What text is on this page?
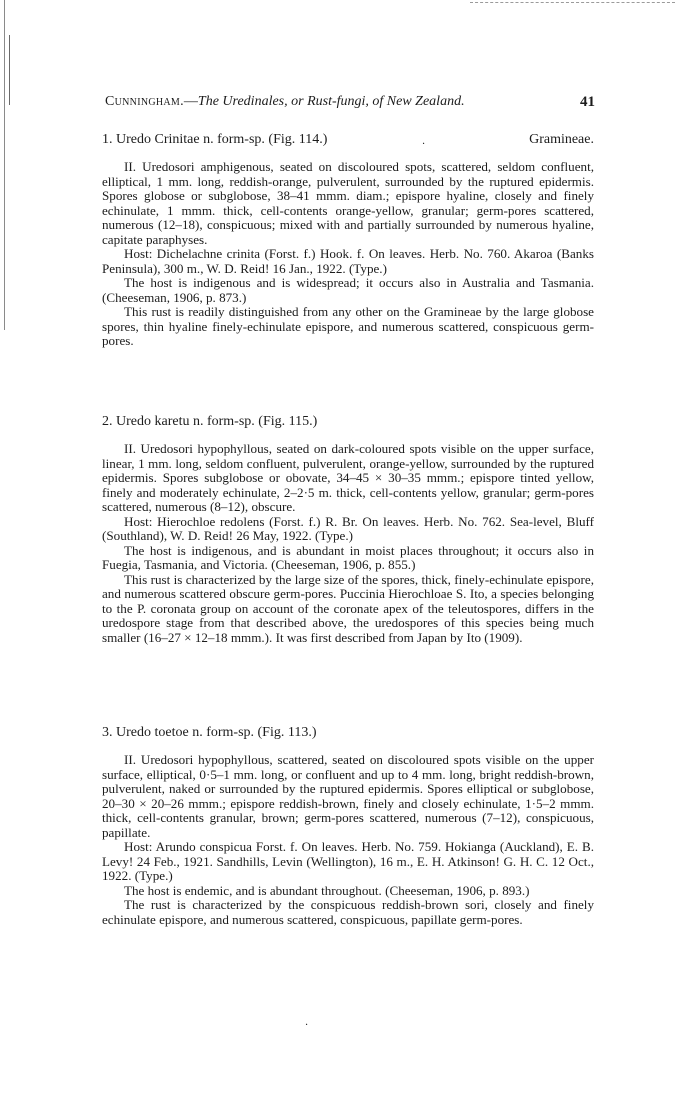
Cunningham.—The Uredinales, or Rust-fungi, of New Zealand.	41
1. Uredo Crinitae n. form-sp. (Fig. 114.)	Gramineae.

II. Uredosori amphigenous, seated on discoloured spots, scattered, seldom confluent, elliptical, 1 mm. long, reddish-orange, pulverulent, surrounded by the ruptured epidermis. Spores globose or subglobose, 38–41 mmm. diam.; epispore hyaline, closely and finely echinulate, 1 mmm. thick, cell-contents orange-yellow, granular; germ-pores scattered, numerous (12–18), conspicuous; mixed with and partially surrounded by numerous hyaline, capitate paraphyses.

Host: Dichelachne crinita (Forst. f.) Hook. f. On leaves. Herb. No. 760. Akaroa (Banks Peninsula), 300 m., W. D. Reid! 16 Jan., 1922. (Type.)

The host is indigenous and is widespread; it occurs also in Australia and Tasmania. (Cheeseman, 1906, p. 873.)

This rust is readily distinguished from any other on the Gramineae by the large globose spores, thin hyaline finely-echinulate epispore, and numerous scattered, conspicuous germ-pores.

2. Uredo karetu n. form-sp. (Fig. 115.)

II. Uredosori hypophyllous, seated on dark-coloured spots visible on the upper surface, linear, 1 mm. long, seldom confluent, pulverulent, orange-yellow, surrounded by the ruptured epidermis. Spores subglobose or obovate, 34–45 × 30–35 mmm.; epispore tinted yellow, finely and moderately echinulate, 2–2·5 m. thick, cell-contents yellow, granular; germ-pores scattered, numerous (8–12), obscure.

Host: Hierochloe redolens (Forst. f.) R. Br. On leaves. Herb. No. 762. Sea-level, Bluff (Southland), W. D. Reid! 26 May, 1922. (Type.)

The host is indigenous, and is abundant in moist places throughout; it occurs also in Fuegia, Tasmania, and Victoria. (Cheeseman, 1906, p. 855.)

This rust is characterized by the large size of the spores, thick, finely-echinulate epispore, and numerous scattered obscure germ-pores. Puccinia Hierochloae S. Ito, a species belonging to the P. coronata group on account of the coronate apex of the teleutospores, differs in the uredospore stage from that described above, the uredospores of this species being much smaller (16–27 × 12–18 mmm.). It was first described from Japan by Ito (1909).

3. Uredo toetoe n. form-sp. (Fig. 113.)

II. Uredosori hypophyllous, scattered, seated on discoloured spots visible on the upper surface, elliptical, 0·5–1 mm. long, or confluent and up to 4 mm. long, bright reddish-brown, pulverulent, naked or surrounded by the ruptured epidermis. Spores elliptical or subglobose, 20–30 × 20–26 mmm.; epispore reddish-brown, finely and closely echinulate, 1·5–2 mmm. thick, cell-contents granular, brown; germ-pores scattered, numerous (7–12), conspicuous, papillate.

Host: Arundo conspicua Forst. f. On leaves. Herb. No. 759. Hokianga (Auckland), E. B. Levy! 24 Feb., 1921. Sandhills, Levin (Wellington), 16 m., E. H. Atkinson! G. H. C. 12 Oct., 1922. (Type.)

The host is endemic, and is abundant throughout. (Cheeseman, 1906, p. 893.)

The rust is characterized by the conspicuous reddish-brown sori, closely and finely echinulate epispore, and numerous scattered, conspicuous, papillate germ-pores.

·
·
